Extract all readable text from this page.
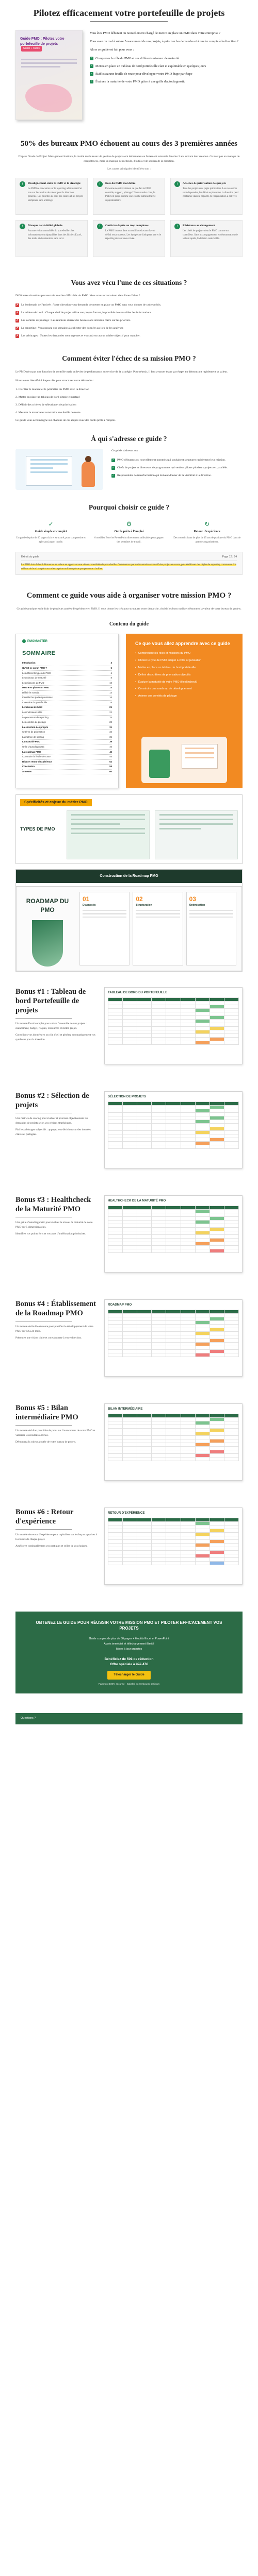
Pilotez efficacement votre portefeuille de projets
Guide PMO : Pilotez votre portefeuille de projets
Guide + Outils

Vous êtes PMO débutant ou nouvellement chargé de mettre en place un PMO dans votre entreprise ?

Vous avez du mal à suivre l'avancement de vos projets, à prioriser les demandes et à rendre compte à la direction ?

Alors ce guide est fait pour vous :

✓ Comprenez le rôle du PMO et ses différents niveaux de maturité
✓ Mettez en place un Tableau de bord portefeuille clair et exploitable en quelques jours
✓ Établissez une feuille de route pour développer votre PMO étape par étape
✓ Évaluez la maturité de votre PMO grâce à une grille d'autodiagnostic
50% des bureaux PMO échouent au cours des 3 premières années

D'après l'étude du Project Management Institute, la moitié des bureaux de gestion de projets sont démantelés ou fortement remaniés dans les 3 ans suivant leur création. Ce n'est pas un manque de compétences, mais un manque de méthode, d'outils et de soutien de la direction.

Les causes principales identifiées sont :

!	Désalignement entre le PMO et la stratégie

Le PMO se concentre sur le reporting administratif et non sur la création de valeur pour la direction générale. Les priorités ne sont pas claires et les projets s'empilent sans arbitrage.

!	Rôle du PMO mal défini

Personne ne sait vraiment ce que fait le PMO : contrôle, support, pilotage ? Sans mandat clair, le PMO est perçu comme une couche administrative supplémentaire.

!	Absence de priorisation des projets

Tous les projets sont jugés prioritaires. Les ressources sont dispersées, les délais explosent et la direction perd confiance dans la capacité de l'organisation à délivrer.

!	Manque de visibilité globale

Aucune vision consolidée du portefeuille : les informations sont éparpillées dans des fichiers Excel, des mails et des réunions sans suivi.

!	Outils inadaptés ou trop complexes

Le PMO investit dans un outil lourd avant d'avoir défini ses processus. Les équipes ne l'adoptent pas et le reporting devient une corvée.

!	Résistance au changement

Les chefs de projet voient le PMO comme un contrôleur. Sans accompagnement et démonstration de valeur rapide, l'adhésion reste faible.

Vous avez vécu l'une de ces situations ?

Différentes situations peuvent résumer les difficultés du PMO. Vous vous reconnaissez dans l'une d'elles ?

✗ Le lendemain de l'arrivée : Votre direction vous demande de mettre en place un PMO sans vous donner de cadre précis.
✗ Le tableau de bord : Chaque chef de projet utilise son propre format, impossible de consolider les informations.
✗ Les comités de pilotage : Les réunions durent des heures sans décision claire sur les priorités.
✗ Le reporting : Vous passez vos semaines à collecter des données au lieu de les analyser.
✗ Les arbitrages : Toutes les demandes sont urgentes et vous n'avez aucun critère objectif pour trancher.
Comment éviter l'échec de sa mission PMO ?

Le PMO n'est pas une fonction de contrôle mais un levier de performance au service de la stratégie. Pour réussir, il faut avancer étape par étape, en démontrant rapidement sa valeur.

Nous avons identifié 4 étapes clés pour structurer votre démarche :

1. Clarifier le mandat et le périmètre du PMO avec la direction
2. Mettre en place un tableau de bord simple et partagé
3. Définir des critères de sélection et de priorisation
4. Mesurer la maturité et construire une feuille de route

Ce guide vous accompagne sur chacune de ces étapes avec des outils prêts à l'emploi.

À qui s'adresse ce guide ?

Ce guide s'adresse aux :

✓ PMO débutants ou nouvellement nommés qui souhaitent structurer rapidement leur mission.
✓ Chefs de projets et directeurs de programmes qui veulent piloter plusieurs projets en parallèle.
✓ Responsables de transformation qui doivent donner de la visibilité à la direction.
Pourquoi choisir ce guide ?
✓
Guide simple et complet

Un guide de plus de 60 pages clair et structuré, pour comprendre et agir sans jargon inutile.

⚙
Outils prêts à l'emploi

6 modèles Excel et PowerPoint directement utilisables pour gagner des semaines de travail.

↻
Retour d'expérience

Des conseils issus de plus de 15 ans de pratique du PMO dans de grandes organisations.

Extrait du guide	Page 12 / 64

Le PMO doit d'abord démontrer sa valeur en apportant une vision consolidée du portefeuille. Commencez par un inventaire exhaustif des projets en cours, puis établissez des règles de reporting communes. Un tableau de bord simple vaut mieux qu'un outil complexe que personne n'utilise.

Comment ce guide vous aide à organiser votre mission PMO ?

Ce guide pratique est le fruit de plusieurs années d'expérience en PMO. Il vous donne les clés pour structurer votre démarche, choisir les bons outils et démontrer la valeur de votre bureau de projets.

Contenu du guide
PMOMASTER
SOMMAIRE
Introduction	3
Qu'est-ce qu'un PMO ?	5
Les différents types de PMO	6
Les niveaux de maturité	8
Les missions du PMO	10
Mettre en place son PMO	13
Définir le mandat	14
Identifier les parties prenantes	16
Inventaire du portefeuille	18
Le tableau de bord	21
Les indicateurs clés	22
Le processus de reporting	25
Les comités de pilotage	28
La sélection des projets	31
Critères de priorisation	32
La matrice de scoring	35
La maturité PMO	39
Grille d'autodiagnostic	40
La roadmap PMO	45
Construire la feuille de route	46
Bilan et retour d'expérience	52
Conclusion	58
Annexes	60
Ce que vous allez apprendre avec ce guide
• Comprendre les rôles et missions du PMO
• Choisir le type de PMO adapté à votre organisation
• Mettre en place un tableau de bord portefeuille
• Définir des critères de priorisation objectifs
• Évaluer la maturité de votre PMO (Healthcheck)
• Construire une roadmap de développement
• Animer vos comités de pilotage
Spécificités et enjeux du métier PMO
TYPES DE PMO
Construction de la Roadmap PMO
ROADMAP DU PMO
01
Diagnostic
02
Structuration
03
Optimisation
Bonus #1 : Tableau de bord Portefeuille de projets

Un modèle Excel complet pour suivre l'ensemble de vos projets : avancement, budget, risques, ressources et météo projet.

Consolidez vos données en un clin d'œil et générez automatiquement vos synthèses pour la direction.

TABLEAU DE BORD DU PORTEFEUILLE

Bonus #2 : Sélection de projets

Une matrice de scoring pour évaluer et prioriser objectivement les demandes de projets selon vos critères stratégiques.

Fini les arbitrages subjectifs : appuyez vos décisions sur des données claires et partagées.

SÉLECTION DE PROJETS

Bonus #3 : Healthcheck de la Maturité PMO

Une grille d'autodiagnostic pour évaluer le niveau de maturité de votre PMO sur 5 dimensions clés.

Identifiez vos points forts et vos axes d'amélioration prioritaires.

HEALTHCHECK DE LA MATURITÉ PMO

Bonus #4 : Établissement de la Roadmap PMO

Un modèle de feuille de route pour planifier le développement de votre PMO sur 12 à 24 mois.

Présentez une vision claire et convaincante à votre direction.

ROADMAP PMO

Bonus #5 : Bilan intermédiaire PMO

Un modèle de bilan pour faire le point sur l'avancement de votre PMO et valoriser les résultats obtenus.

Démontrez la valeur ajoutée de votre bureau de projets.

BILAN INTERMÉDIAIRE

Bonus #6 : Retour d'expérience

Un modèle de retour d'expérience pour capitaliser sur les leçons apprises à la clôture de chaque projet.

Améliorez continuellement vos pratiques et celles de vos équipes.

RETOUR D'EXPÉRIENCE

OBTENEZ LE GUIDE POUR RÉUSSIR VOTRE MISSION PMO ET PILOTER EFFICACEMENT VOS PROJETS
Guide complet de plus de 60 pages + 6 outils Excel et PowerPoint
Accès immédiat et téléchargement illimité
Mises à jour gratuites
Bénéficiez de 50€ de réduction
Offre spéciale à 97€ 47€
Télécharger le Guide
Paiement 100% sécurisé · Satisfait ou remboursé 30 jours
Questions ?
